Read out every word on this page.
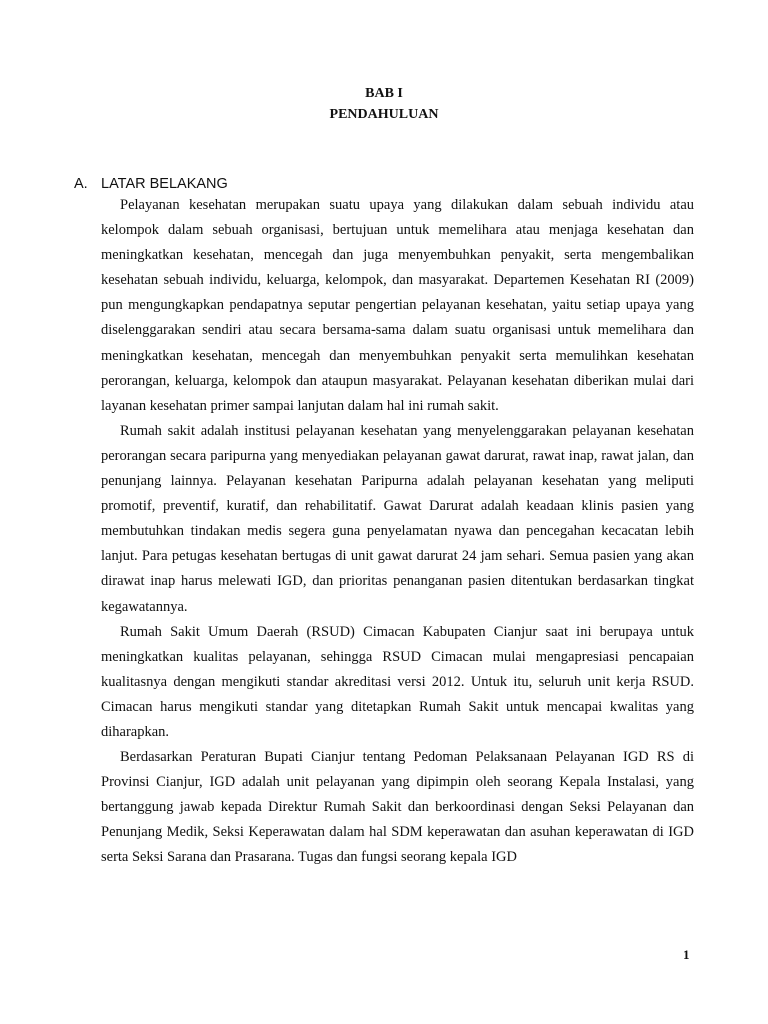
BAB I
PENDAHULUAN
A. LATAR BELAKANG

Pelayanan kesehatan merupakan suatu upaya yang dilakukan dalam sebuah individu atau kelompok dalam sebuah organisasi, bertujuan untuk memelihara atau menjaga kesehatan dan meningkatkan kesehatan, mencegah dan juga menyembuhkan penyakit, serta mengembalikan kesehatan sebuah individu, keluarga, kelompok, dan masyarakat. Departemen Kesehatan RI (2009) pun mengungkapkan pendapatnya seputar pengertian pelayanan kesehatan, yaitu setiap upaya yang diselenggarakan sendiri atau secara bersama-sama dalam suatu organisasi untuk memelihara dan meningkatkan kesehatan, mencegah dan menyembuhkan penyakit serta memulihkan kesehatan perorangan, keluarga, kelompok dan ataupun masyarakat. Pelayanan kesehatan diberikan mulai dari layanan kesehatan primer sampai lanjutan dalam hal ini rumah sakit.

Rumah sakit adalah institusi pelayanan kesehatan yang menyelenggarakan pelayanan kesehatan perorangan secara paripurna yang menyediakan pelayanan gawat darurat, rawat inap, rawat jalan, dan penunjang lainnya. Pelayanan kesehatan Paripurna adalah pelayanan kesehatan yang meliputi promotif, preventif, kuratif, dan rehabilitatif. Gawat Darurat adalah keadaan klinis pasien yang membutuhkan tindakan medis segera guna penyelamatan nyawa dan pencegahan kecacatan lebih lanjut. Para petugas kesehatan bertugas di unit gawat darurat 24 jam sehari. Semua pasien yang akan dirawat inap harus melewati IGD, dan prioritas penanganan pasien ditentukan berdasarkan tingkat kegawatannya.

Rumah Sakit Umum Daerah (RSUD) Cimacan Kabupaten Cianjur saat ini berupaya untuk meningkatkan kualitas pelayanan, sehingga RSUD Cimacan mulai mengapresiasi pencapaian kualitasnya dengan mengikuti standar akreditasi versi 2012. Untuk itu, seluruh unit kerja RSUD. Cimacan harus mengikuti standar yang ditetapkan Rumah Sakit untuk mencapai kwalitas yang diharapkan.

Berdasarkan Peraturan Bupati Cianjur tentang Pedoman Pelaksanaan Pelayanan IGD RS di Provinsi Cianjur, IGD adalah unit pelayanan yang dipimpin oleh seorang Kepala Instalasi, yang bertanggung jawab kepada Direktur Rumah Sakit dan berkoordinasi dengan Seksi Pelayanan dan Penunjang Medik, Seksi Keperawatan dalam hal SDM keperawatan dan asuhan keperawatan di IGD serta Seksi Sarana dan Prasarana. Tugas dan fungsi seorang kepala IGD

1
